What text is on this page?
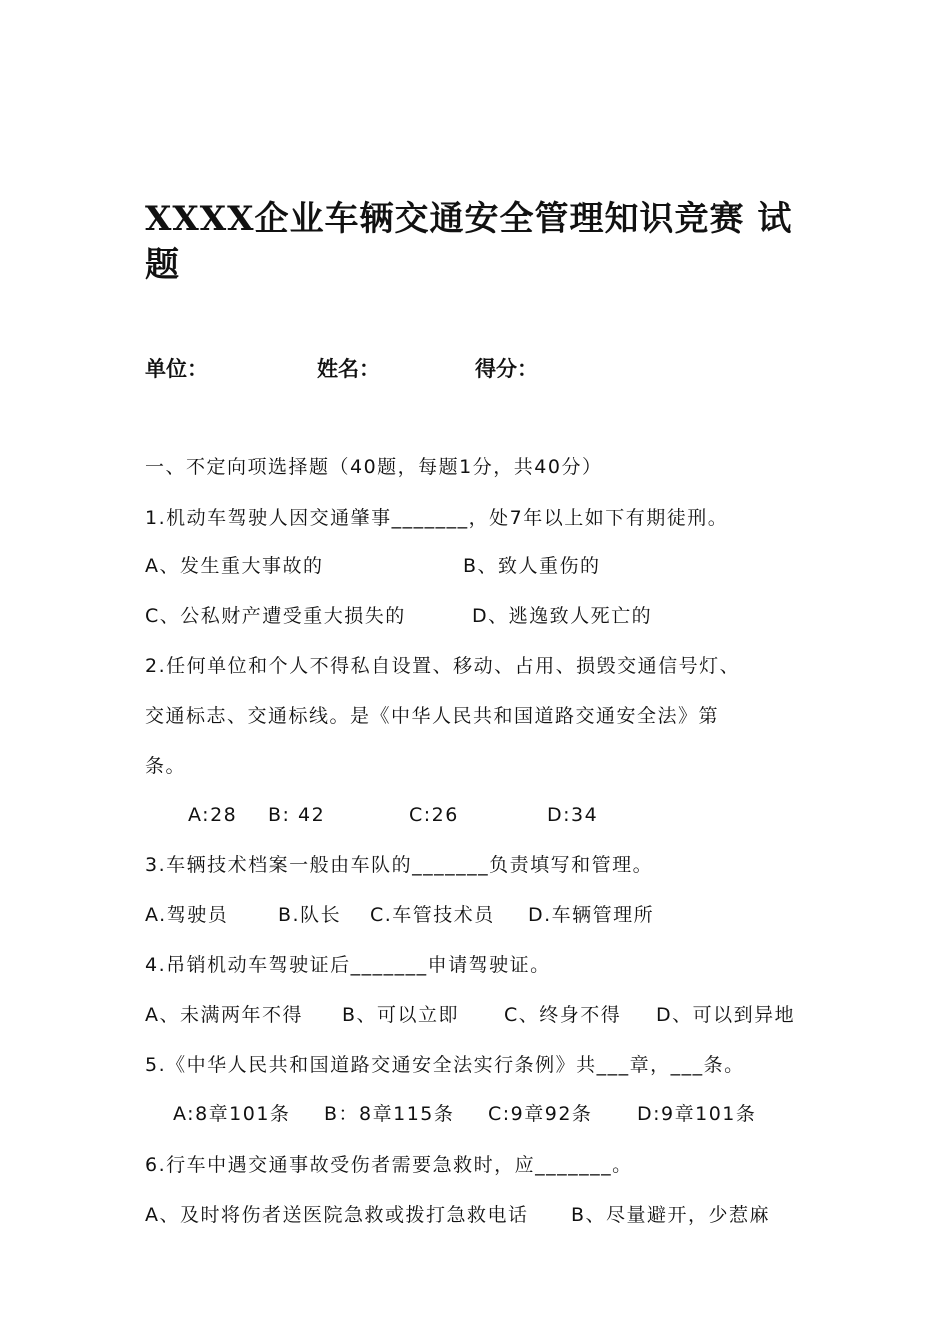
XXXX企业车辆交通安全管理知识竞赛 试
题
单位：	姓名：	得分：
一、不定向项选择题（40题，每题1分，共40分）
1.机动车驾驶人因交通肇事_______，处7年以上如下有期徒刑。
A、发生重大事故的	B、致人重伤的
C、公私财产遭受重大损失的	D、逃逸致人死亡的
2.任何单位和个人不得私自设置、移动、占用、损毁交通信号灯、
交通标志、交通标线。是《中华人民共和国道路交通安全法》第
条。
A:28 B: 42	C:26	D:34
3.车辆技术档案一般由车队的_______负责填写和管理。
A.驾驶员	B.队长 C.车管技术员 D.车辆管理所
4.吊销机动车驾驶证后_______申请驾驶证。
A、未满两年不得 B、可以立即 C、终身不得 D、可以到异地
5.《中华人民共和国道路交通安全法实行条例》共___章，___条。
A:8章101条 B：8章115条 C:9章92条 D:9章101条
6.行车中遇交通事故受伤者需要急救时，应_______。
A、及时将伤者送医院急救或拨打急救电话 B、尽量避开，少惹麻
